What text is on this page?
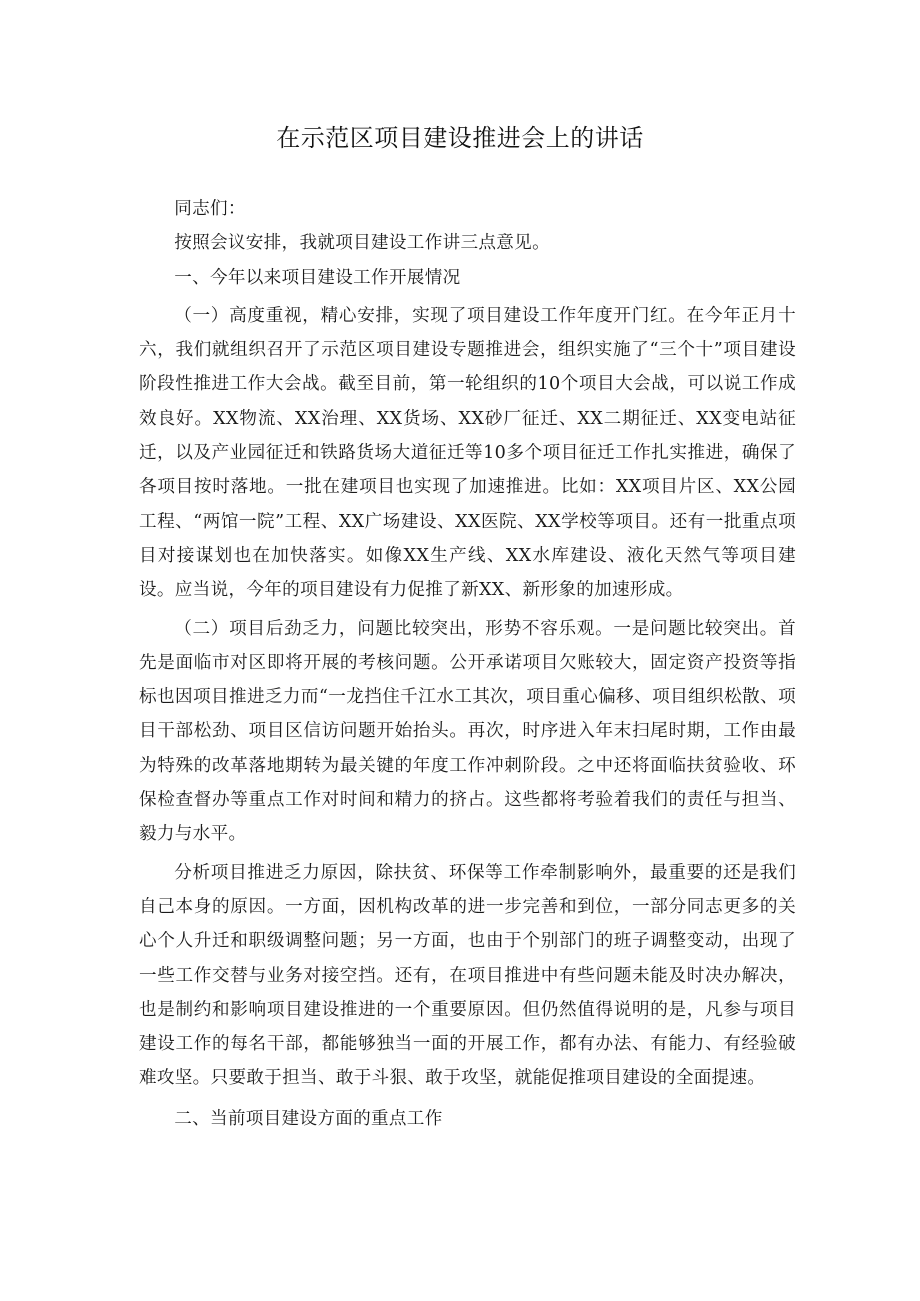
在示范区项目建设推进会上的讲话

同志们：

按照会议安排，我就项目建设工作讲三点意见。

一、今年以来项目建设工作开展情况

（一）高度重视，精心安排，实现了项目建设工作年度开门红。在今年正月十六，我们就组织召开了示范区项目建设专题推进会，组织实施了“三个十”项目建设阶段性推进工作大会战。截至目前，第一轮组织的10个项目大会战，可以说工作成效良好。XX物流、XX治理、XX货场、XX砂厂征迁、XX二期征迁、XX变电站征迁，以及产业园征迁和铁路货场大道征迁等10多个项目征迁工作扎实推进，确保了各项目按时落地。一批在建项目也实现了加速推进。比如：XX项目片区、XX公园工程、“两馆一院”工程、XX广场建设、XX医院、XX学校等项目。还有一批重点项目对接谋划也在加快落实。如像XX生产线、XX水库建设、液化天然气等项目建设。应当说，今年的项目建设有力促推了新XX、新形象的加速形成。

（二）项目后劲乏力，问题比较突出，形势不容乐观。一是问题比较突出。首先是面临市对区即将开展的考核问题。公开承诺项目欠账较大，固定资产投资等指标也因项目推进乏力而“一龙挡住千江水工其次，项目重心偏移、项目组织松散、项目干部松劲、项目区信访问题开始抬头。再次，时序进入年末扫尾时期，工作由最为特殊的改革落地期转为最关键的年度工作冲刺阶段。之中还将面临扶贫验收、环保检查督办等重点工作对时间和精力的挤占。这些都将考验着我们的责任与担当、毅力与水平。

分析项目推进乏力原因，除扶贫、环保等工作牵制影响外，最重要的还是我们自己本身的原因。一方面，因机构改革的进一步完善和到位，一部分同志更多的关心个人升迁和职级调整问题；另一方面，也由于个别部门的班子调整变动，出现了一些工作交替与业务对接空挡。还有，在项目推进中有些问题未能及时决办解决，也是制约和影响项目建设推进的一个重要原因。但仍然值得说明的是，凡参与项目建设工作的每名干部，都能够独当一面的开展工作，都有办法、有能力、有经验破难攻坚。只要敢于担当、敢于斗狠、敢于攻坚，就能促推项目建设的全面提速。

二、当前项目建设方面的重点工作
